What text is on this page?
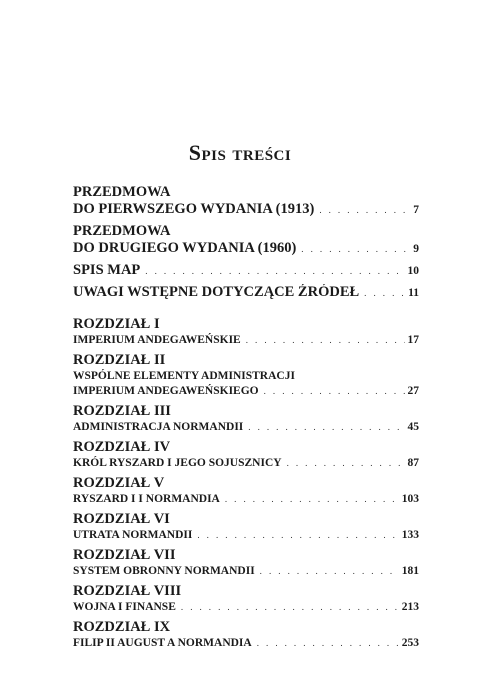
Spis treści
PRZEDMOWA
DO PIERWSZEGO WYDANIA (1913) . . .	7
PRZEDMOWA
DO DRUGIEGO WYDANIA (1960) . . .	9
SPIS MAP . . .	10
UWAGI WSTĘPNE DOTYCZĄCE ŹRÓDEŁ . . .	11
ROZDZIAŁ I
IMPERIUM ANDEGAWEŃSKIE . . .	17
ROZDZIAŁ II
WSPÓLNE ELEMENTY ADMINISTRACJI
IMPERIUM ANDEGAWEŃSKIEGO . . .	27
ROZDZIAŁ III
ADMINISTRACJA NORMANDII . . .	45
ROZDZIAŁ IV
KRÓL RYSZARD I JEGO SOJUSZNICY . . .	87
ROZDZIAŁ V
RYSZARD I I NORMANDIA . . .	103
ROZDZIAŁ VI
UTRATA NORMANDII . . .	133
ROZDZIAŁ VII
SYSTEM OBRONNY NORMANDII . . .	181
ROZDZIAŁ VIII
WOJNA I FINANSE . . .	213
ROZDZIAŁ IX
FILIP II AUGUST A NORMANDIA . . .	253
